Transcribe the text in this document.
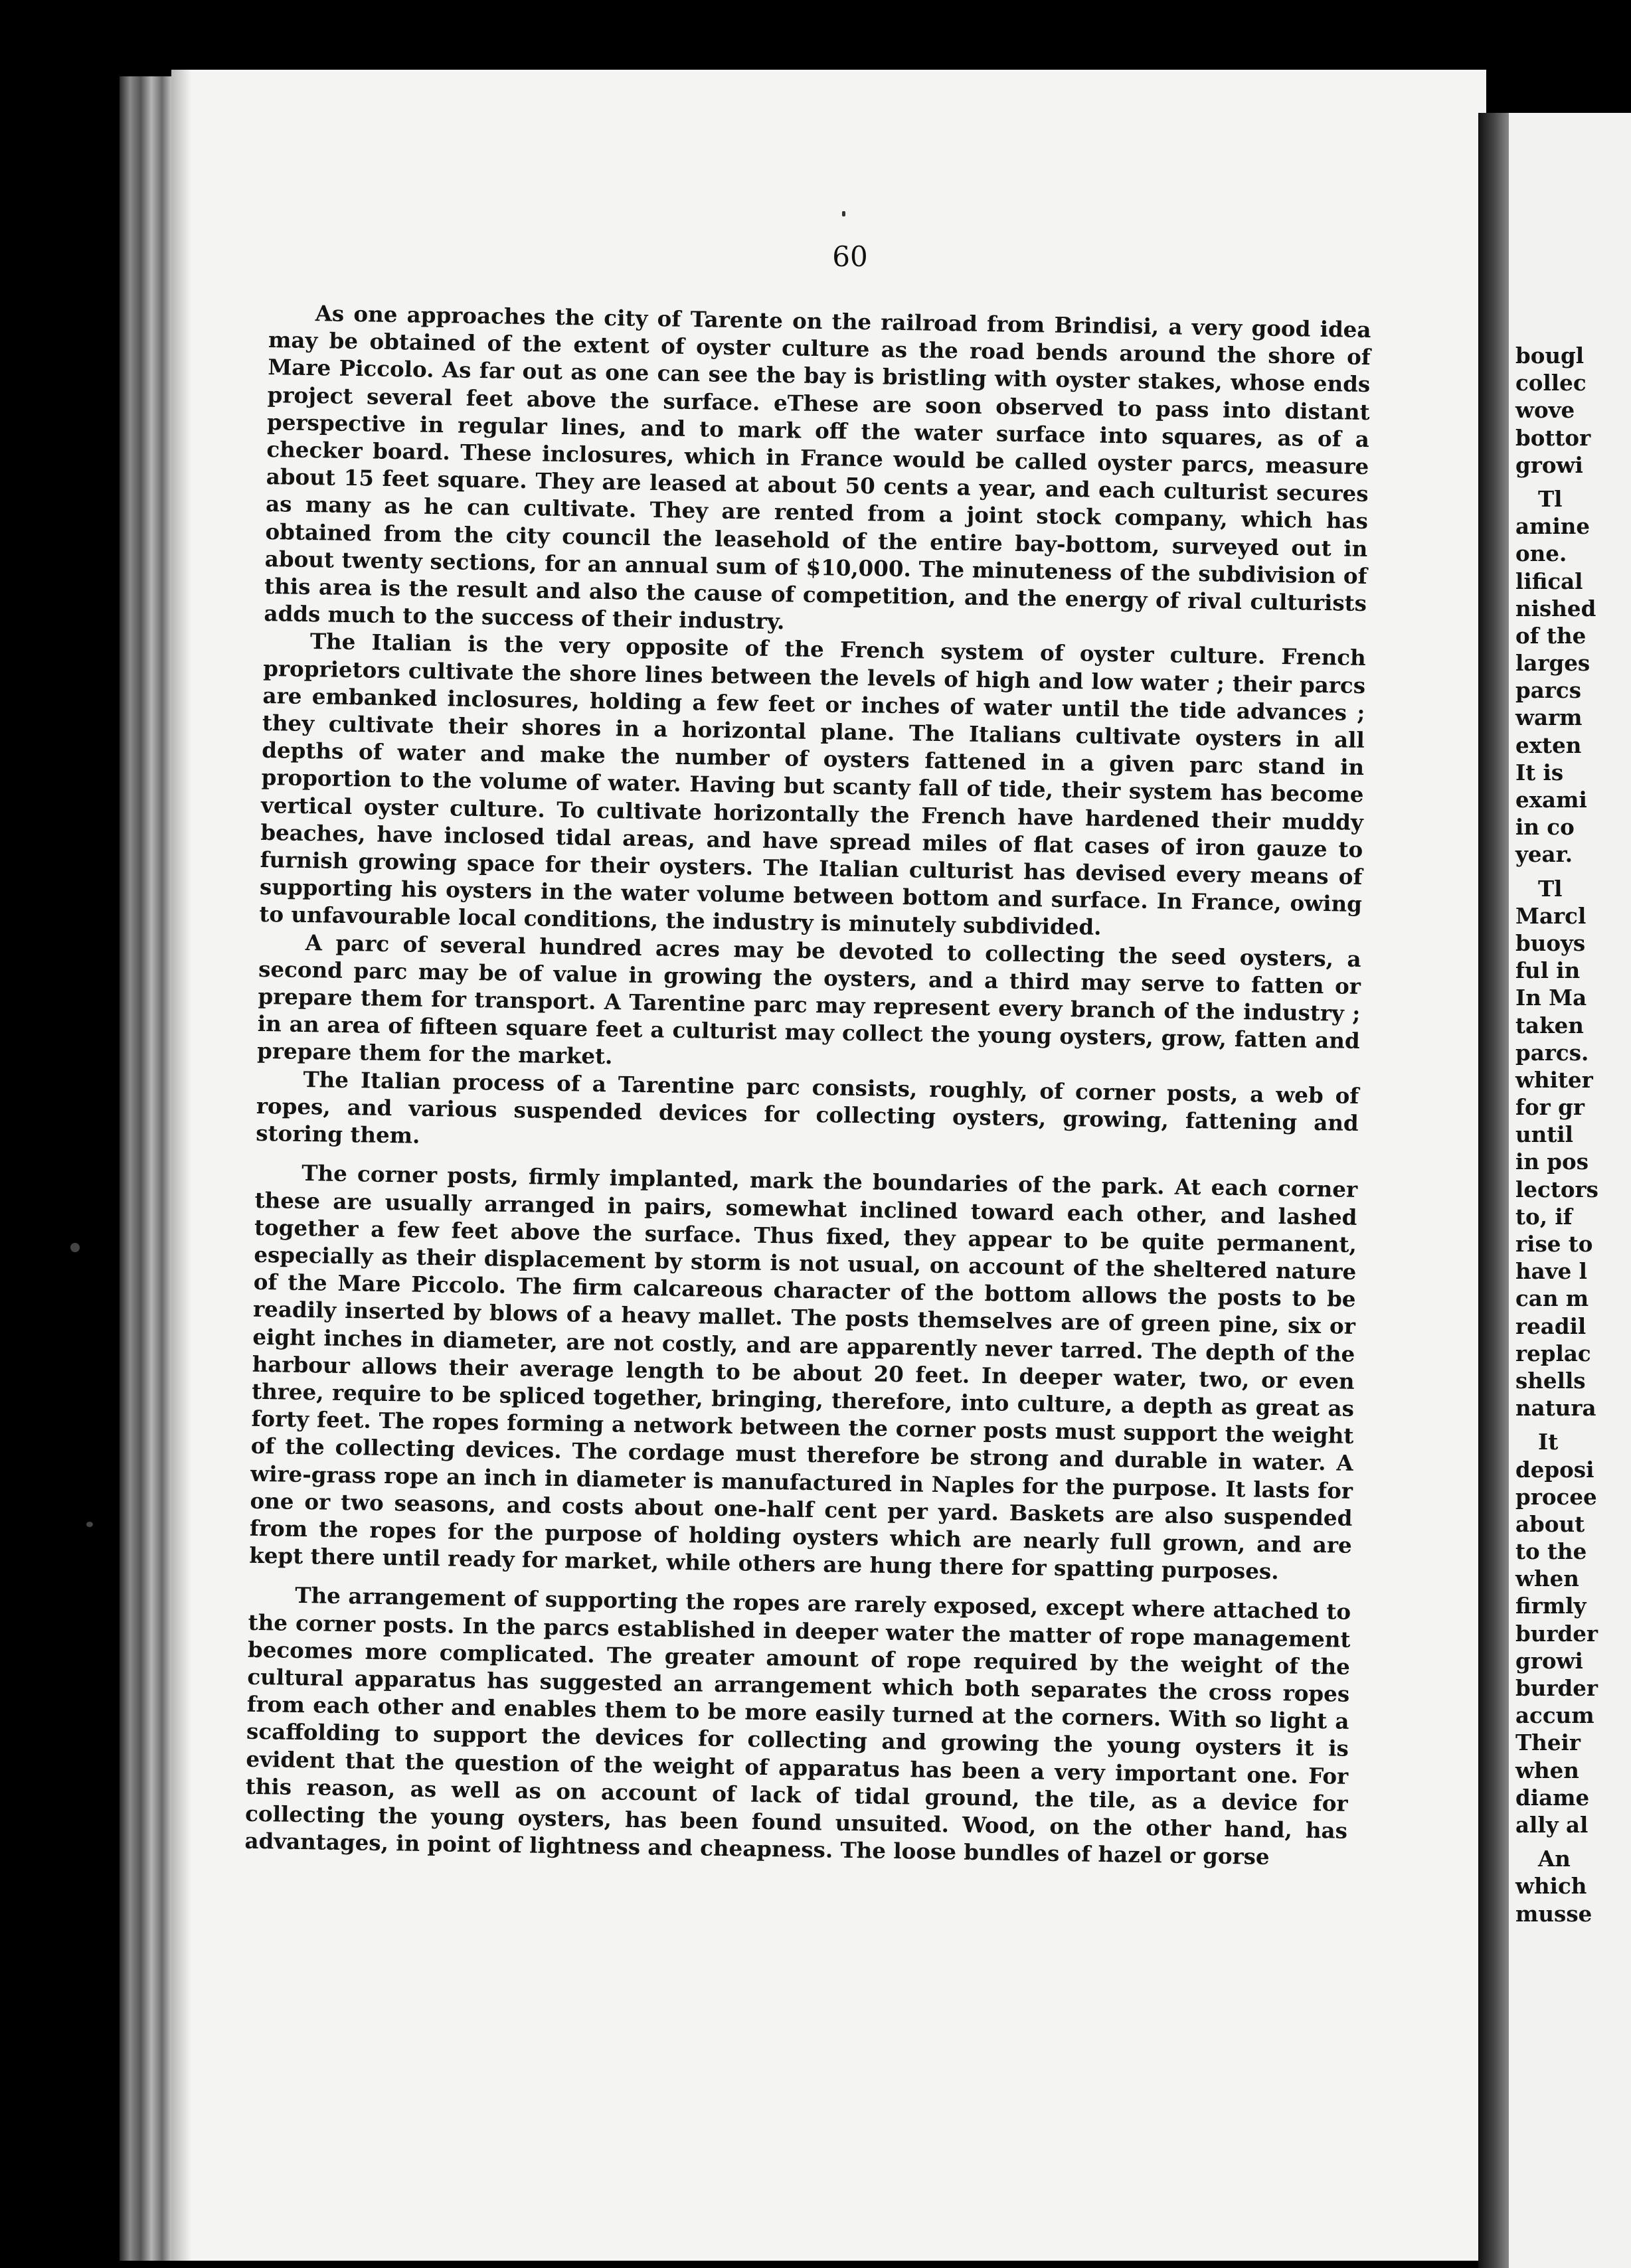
bougl
collec
wove
bottor
growi
Tl
amine
one.
lifical
nished
of the
larges
parcs
warm
exten
It is
exami
in co
year.
Tl
Marcl
buoys
ful in
In Ma
taken
parcs.
whiter
for gr
until
in pos
lectors
to, if
rise to
have l
can m
readil
replac
shells
natura
It
deposi
procee
about
to the
when
firmly
burder
growi
burder
accum
Their
when
diame
ally al
An
which
musse
60

As one approaches the city of Tarente on the railroad from Brindisi, a very good idea may be obtained of the extent of oyster culture as the road bends around the shore of Mare Piccolo. As far out as one can see the bay is bristling with oyster stakes, whose ends project several feet above the surface. eThese are soon observed to pass into distant perspective in regular lines, and to mark off the water surface into squares, as of a checker board. These inclosures, which in France would be called oyster parcs, measure about 15 feet square. They are leased at about 50 cents a year, and each culturist secures as many as he can cultivate. They are rented from a joint stock company, which has obtained from the city council the leasehold of the entire bay-bottom, surveyed out in about twenty sections, for an annual sum of $10,000. The minuteness of the subdivision of this area is the result and also the cause of competition, and the energy of rival culturists adds much to the success of their industry.

The Italian is the very opposite of the French system of oyster culture. French proprietors cultivate the shore lines between the levels of high and low water ; their parcs are embanked inclosures, holding a few feet or inches of water until the tide advances ; they cultivate their shores in a horizontal plane. The Italians cultivate oysters in all depths of water and make the number of oysters fattened in a given parc stand in proportion to the volume of water. Having but scanty fall of tide, their system has become vertical oyster culture. To cultivate horizontally the French have hardened their muddy beaches, have inclosed tidal areas, and have spread miles of flat cases of iron gauze to furnish growing space for their oysters. The Italian culturist has devised every means of supporting his oysters in the water volume between bottom and surface. In France, owing to unfavourable local conditions, the industry is minutely subdivided.

A parc of several hundred acres may be devoted to collecting the seed oysters, a second parc may be of value in growing the oysters, and a third may serve to fatten or prepare them for transport. A Tarentine parc may represent every branch of the industry ; in an area of fifteen square feet a culturist may collect the young oysters, grow, fatten and prepare them for the market.

The Italian process of a Tarentine parc consists, roughly, of corner posts, a web of ropes, and various suspended devices for collecting oysters, growing, fattening and storing them.

The corner posts, firmly implanted, mark the boundaries of the park. At each corner these are usually arranged in pairs, somewhat inclined toward each other, and lashed together a few feet above the surface. Thus fixed, they appear to be quite permanent, especially as their displacement by storm is not usual, on account of the sheltered nature of the Mare Piccolo. The firm calcareous character of the bottom allows the posts to be readily inserted by blows of a heavy mallet. The posts themselves are of green pine, six or eight inches in diameter, are not costly, and are apparently never tarred. The depth of the harbour allows their average length to be about 20 feet. In deeper water, two, or even three, require to be spliced together, bringing, therefore, into culture, a depth as great as forty feet. The ropes forming a network between the corner posts must support the weight of the collecting devices. The cordage must therefore be strong and durable in water. A wire-grass rope an inch in diameter is manufactured in Naples for the purpose. It lasts for one or two seasons, and costs about one-half cent per yard. Baskets are also suspended from the ropes for the purpose of holding oysters which are nearly full grown, and are kept there until ready for market, while others are hung there for spatting purposes.

The arrangement of supporting the ropes are rarely exposed, except where attached to the corner posts. In the parcs established in deeper water the matter of rope management becomes more complicated. The greater amount of rope required by the weight of the cultural apparatus has suggested an arrangement which both separates the cross ropes from each other and enables them to be more easily turned at the corners. With so light a scaffolding to support the devices for collecting and growing the young oysters it is evident that the question of the weight of apparatus has been a very important one. For this reason, as well as on account of lack of tidal ground, the tile, as a device for collecting the young oysters, has been found unsuited. Wood, on the other hand, has advantages, in point of lightness and cheapness. The loose bundles of hazel or gorse
